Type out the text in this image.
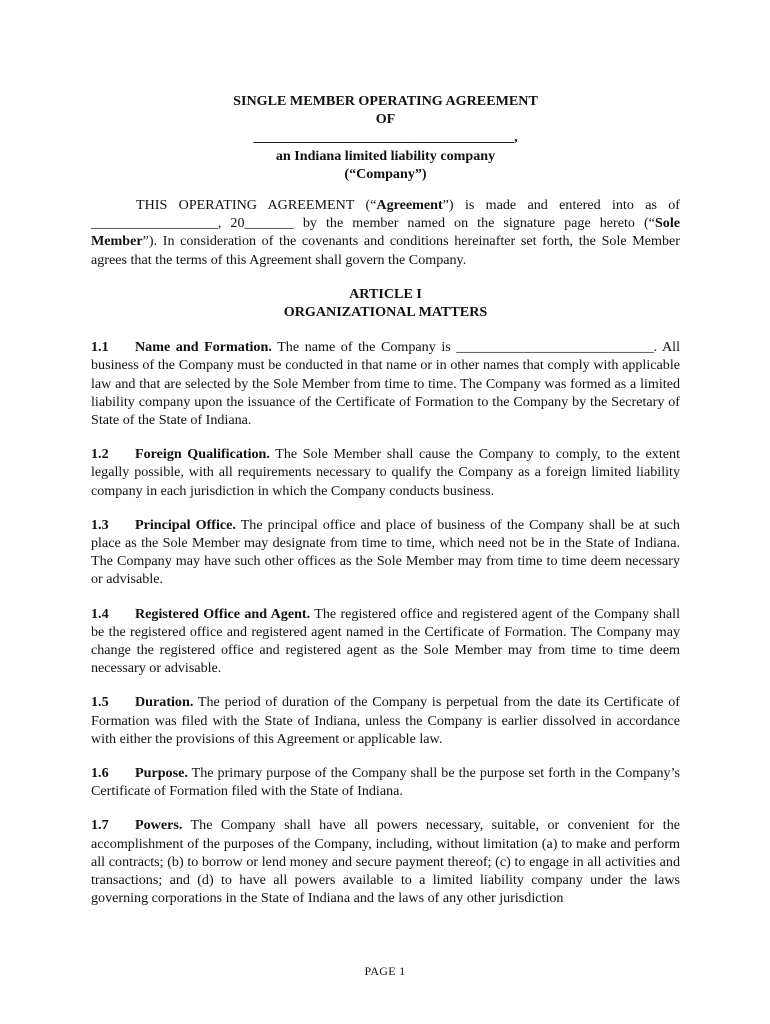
SINGLE MEMBER OPERATING AGREEMENT
OF
_____________________________________,
an Indiana limited liability company
(“Company”)
THIS OPERATING AGREEMENT (“Agreement”) is made and entered into as of __________________, 20_______ by the member named on the signature page hereto (“Sole Member”). In consideration of the covenants and conditions hereinafter set forth, the Sole Member agrees that the terms of this Agreement shall govern the Company.
ARTICLE I
ORGANIZATIONAL MATTERS
1.1 Name and Formation. The name of the Company is ____________________________. All business of the Company must be conducted in that name or in other names that comply with applicable law and that are selected by the Sole Member from time to time. The Company was formed as a limited liability company upon the issuance of the Certificate of Formation to the Company by the Secretary of State of the State of Indiana.
1.2 Foreign Qualification. The Sole Member shall cause the Company to comply, to the extent legally possible, with all requirements necessary to qualify the Company as a foreign limited liability company in each jurisdiction in which the Company conducts business.
1.3 Principal Office. The principal office and place of business of the Company shall be at such place as the Sole Member may designate from time to time, which need not be in the State of Indiana. The Company may have such other offices as the Sole Member may from time to time deem necessary or advisable.
1.4 Registered Office and Agent. The registered office and registered agent of the Company shall be the registered office and registered agent named in the Certificate of Formation. The Company may change the registered office and registered agent as the Sole Member may from time to time deem necessary or advisable.
1.5 Duration. The period of duration of the Company is perpetual from the date its Certificate of Formation was filed with the State of Indiana, unless the Company is earlier dissolved in accordance with either the provisions of this Agreement or applicable law.
1.6 Purpose. The primary purpose of the Company shall be the purpose set forth in the Company’s Certificate of Formation filed with the State of Indiana.
1.7 Powers. The Company shall have all powers necessary, suitable, or convenient for the accomplishment of the purposes of the Company, including, without limitation (a) to make and perform all contracts; (b) to borrow or lend money and secure payment thereof; (c) to engage in all activities and transactions; and (d) to have all powers available to a limited liability company under the laws governing corporations in the State of Indiana and the laws of any other jurisdiction
PAGE 1
